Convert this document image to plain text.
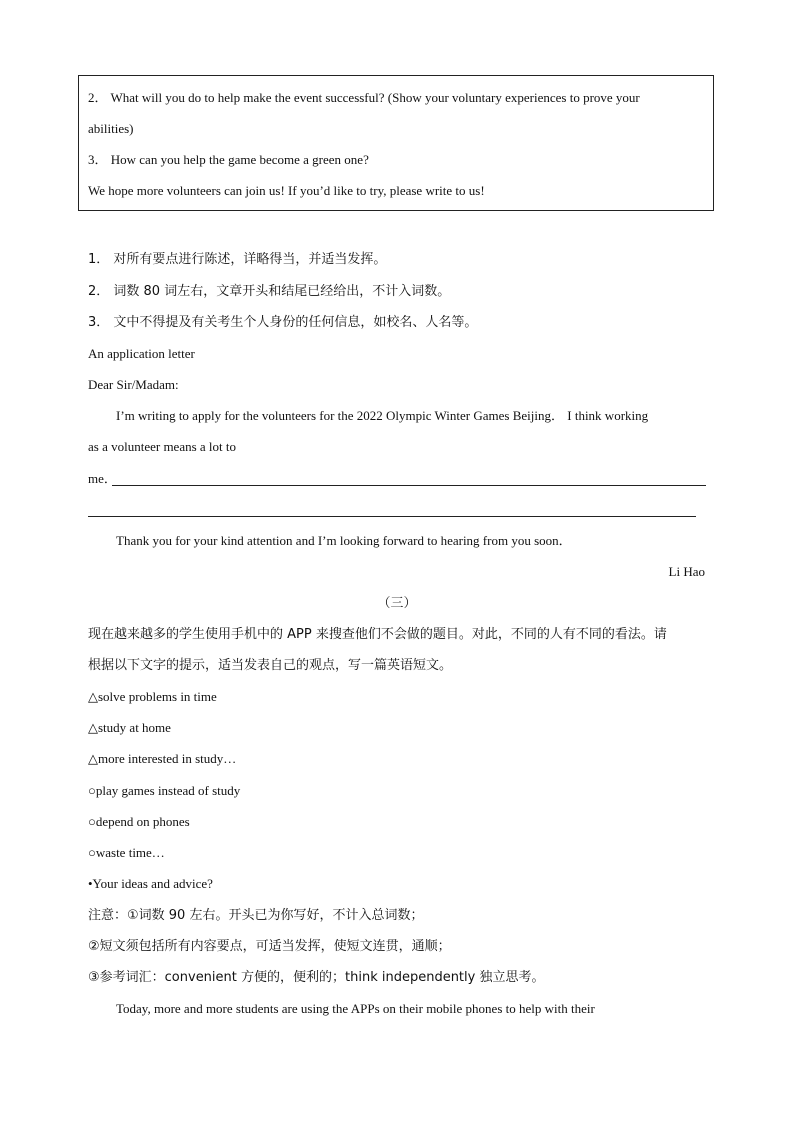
2． What will you do to help make the event successful? (Show your voluntary experiences to prove your
abilities)
3． How can you help the game become a green one?
We hope more volunteers can join us! If you’d like to try, please write to us!
1． 对所有要点进行陈述，详略得当，并适当发挥。
2． 词数 80 词左右，文章开头和结尾已经给出，不计入词数。
3． 文中不得提及有关考生个人身份的任何信息，如校名、人名等。
An application letter
Dear Sir/Madam:
I’m writing to apply for the volunteers for the 2022 Olympic Winter Games Beijing． I think working
as a volunteer means a lot to
me．
Thank you for your kind attention and I’m looking forward to hearing from you soon．
Li Hao
（三）
现在越来越多的学生使用手机中的 APP 来搜查他们不会做的题目。对此，不同的人有不同的看法。请
根据以下文字的提示，适当发表自己的观点，写一篇英语短文。
△solve problems in time
△study at home
△more interested in study…
○play games instead of study
○depend on phones
○waste time…
•Your ideas and advice?
注意：①词数 90 左右。开头已为你写好，不计入总词数；
②短文须包括所有内容要点，可适当发挥，使短文连贯，通顺；
③参考词汇：convenient 方便的，便利的；think independently 独立思考。
Today, more and more students are using the APPs on their mobile phones to help with their
